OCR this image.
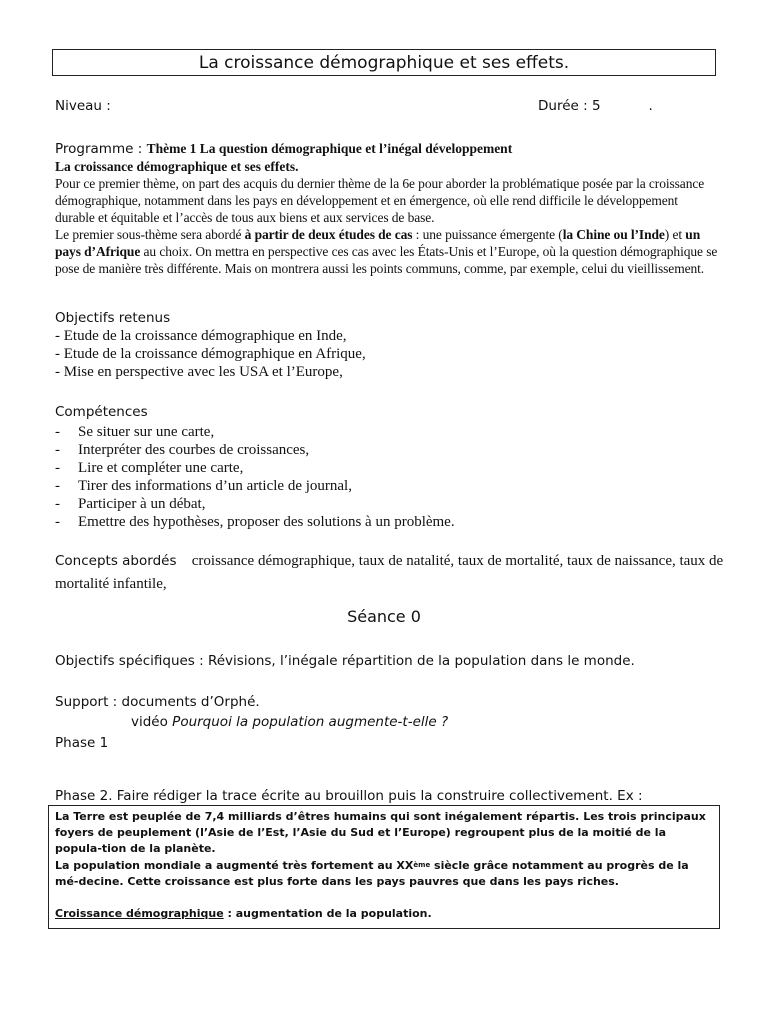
La croissance démographique et ses effets.
Niveau :	Durée : 5	.
Programme : Thème 1 La question démographique et l’inégal développement
La croissance démographique et ses effets.

Pour ce premier thème, on part des acquis du dernier thème de la 6e pour aborder la problématique posée par la croissance démographique, notamment dans les pays en développement et en émergence, où elle rend difficile le développement durable et équitable et l’accès de tous aux biens et aux services de base.

Le premier sous-thème sera abordé à partir de deux études de cas : une puissance émergente (la Chine ou l’Inde) et un pays d’Afrique au choix. On mettra en perspective ces cas avec les États-Unis et l’Europe, où la question démographique se pose de manière très différente. Mais on montrera aussi les points communs, comme, par exemple, celui du vieillissement.

Objectifs retenus
- Etude de la croissance démographique en Inde,
- Etude de la croissance démographique en Afrique,
- Mise en perspective avec les USA et l’Europe,
Compétences
-	Se situer sur une carte,
-	Interpréter des courbes de croissances,
-	Lire et compléter une carte,
-	Tirer des informations d’un article de journal,
-	Participer à un débat,
-	Emettre des hypothèses, proposer des solutions à un problème.
Concepts abordés croissance démographique, taux de natalité, taux de mortalité, taux de naissance, taux de mortalité infantile,
Séance 0
Objectifs spécifiques : Révisions, l’inégale répartition de la population dans le monde.
Support : documents d’Orphé.
vidéo Pourquoi la population augmente-t-elle ?
Phase 1
Phase 2. Faire rédiger la trace écrite au brouillon puis la construire collectivement. Ex :

La Terre est peuplée de 7,4 milliards d’êtres humains qui sont inégalement répartis. Les trois principaux foyers de peuplement (l’Asie de l’Est, l’Asie du Sud et l’Europe) regroupent plus de la moitié de la popula-tion de la planète.

La population mondiale a augmenté très fortement au XXème siècle grâce notamment au progrès de la mé-decine. Cette croissance est plus forte dans les pays pauvres que dans les pays riches.

Croissance démographique : augmentation de la population.
